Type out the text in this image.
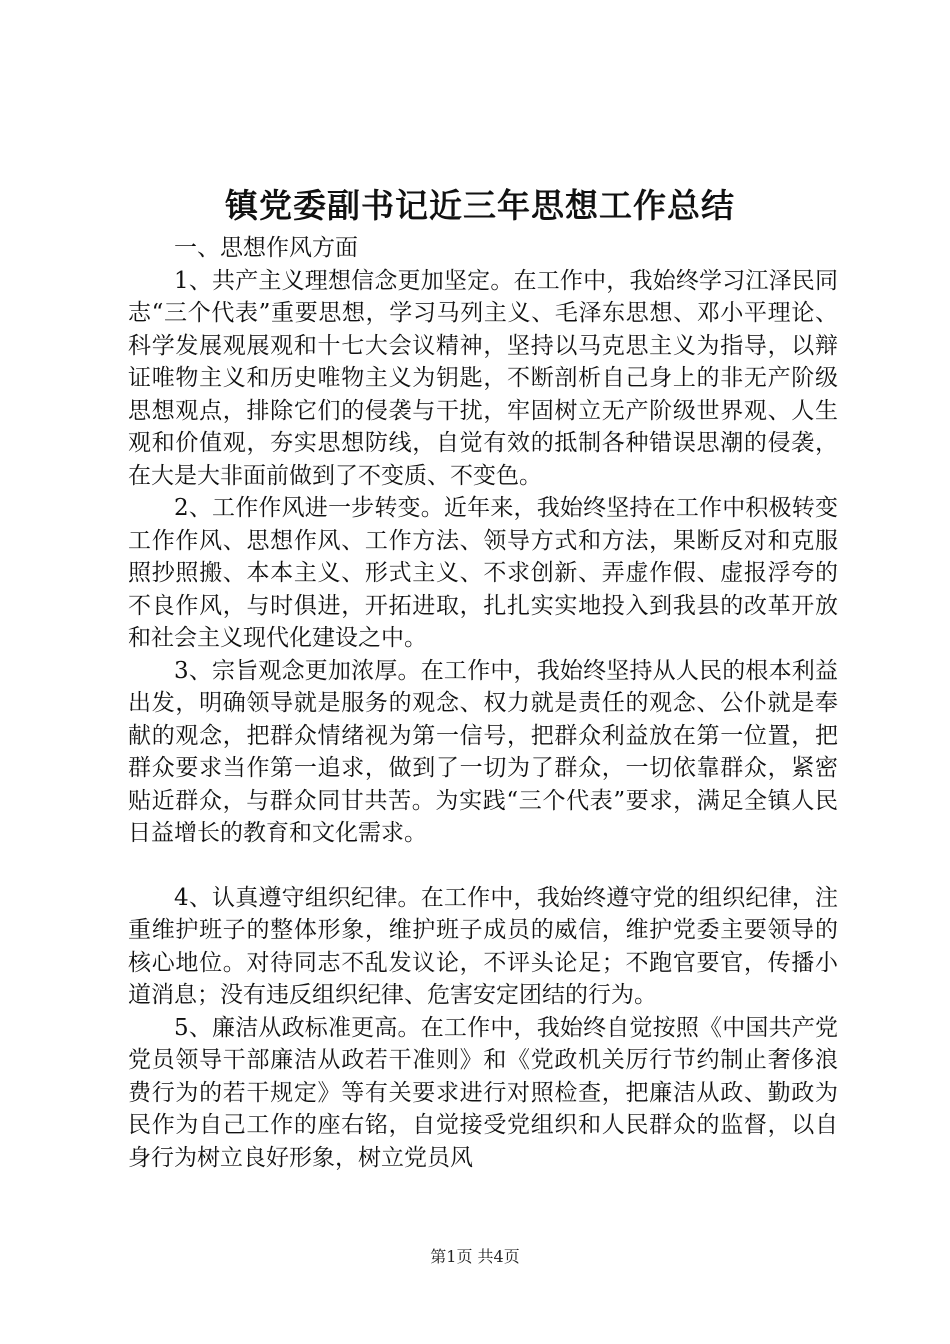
镇党委副书记近三年思想工作总结

一、思想作风方面

1、共产主义理想信念更加坚定。在工作中，我始终学习江泽民同志“三个代表”重要思想，学习马列主义、毛泽东思想、邓小平理论、科学发展观展观和十七大会议精神，坚持以马克思主义为指导，以辩证唯物主义和历史唯物主义为钥匙，不断剖析自己身上的非无产阶级思想观点，排除它们的侵袭与干扰，牢固树立无产阶级世界观、人生观和价值观，夯实思想防线，自觉有效的抵制各种错误思潮的侵袭，在大是大非面前做到了不变质、不变色。

2、工作作风进一步转变。近年来，我始终坚持在工作中积极转变工作作风、思想作风、工作方法、领导方式和方法，果断反对和克服照抄照搬、本本主义、形式主义、不求创新、弄虚作假、虚报浮夸的不良作风，与时俱进，开拓进取，扎扎实实地投入到我县的改革开放和社会主义现代化建设之中。

3、宗旨观念更加浓厚。在工作中，我始终坚持从人民的根本利益出发，明确领导就是服务的观念、权力就是责任的观念、公仆就是奉献的观念，把群众情绪视为第一信号，把群众利益放在第一位置，把群众要求当作第一追求，做到了一切为了群众，一切依靠群众，紧密贴近群众，与群众同甘共苦。为实践“三个代表”要求，满足全镇人民日益增长的教育和文化需求。

4、认真遵守组织纪律。在工作中，我始终遵守党的组织纪律，注重维护班子的整体形象，维护班子成员的威信，维护党委主要领导的核心地位。对待同志不乱发议论，不评头论足；不跑官要官，传播小道消息；没有违反组织纪律、危害安定团结的行为。

5、廉洁从政标准更高。在工作中，我始终自觉按照《中国共产党党员领导干部廉洁从政若干准则》和《党政机关厉行节约制止奢侈浪费行为的若干规定》等有关要求进行对照检查，把廉洁从政、勤政为民作为自己工作的座右铭，自觉接受党组织和人民群众的监督，以自身行为树立良好形象，树立党员风

第1页 共4页
